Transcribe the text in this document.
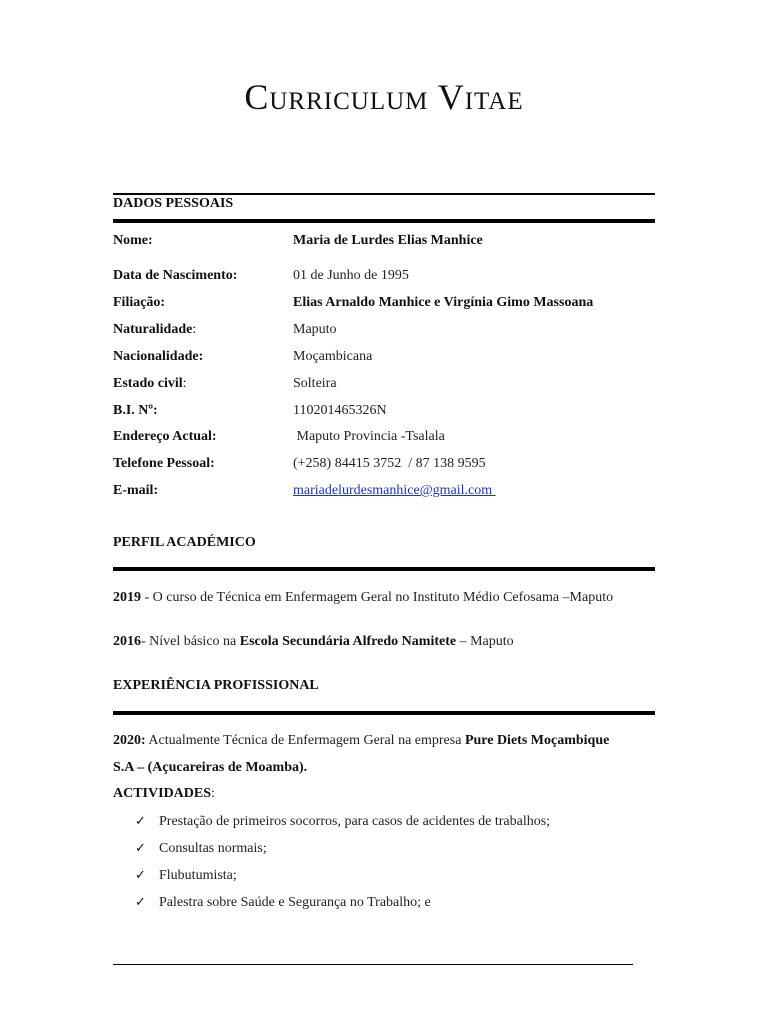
Curriculum Vitae
DADOS PESSOAIS
Nome:	Maria de Lurdes Elias Manhice
Data de Nascimento:	01 de Junho de 1995
Filiação:	Elias Arnaldo Manhice e Virgínia Gimo Massoana
Naturalidade:	Maputo
Nacionalidade:	Moçambicana
Estado civil:	Solteira
B.I. Nº:	110201465326N
Endereço Actual:	Maputo Provincia -Tsalala
Telefone Pessoal:	(+258) 84415 3752  / 87 138 9595
E-mail:	mariadelurdesmanhice@gmail.com
PERFIL ACADÉMICO
2019 - O curso de Técnica em Enfermagem Geral no Instituto Médio Cefosama –Maputo
2016- Nível básico na Escola Secundária Alfredo Namitete – Maputo
EXPERIÊNCIA PROFISSIONAL
2020: Actualmente Técnica de Enfermagem Geral na empresa Pure Diets Moçambique
S.A – (Açucareiras de Moamba).
ACTIVIDADES:
✓ Prestação de primeiros socorros, para casos de acidentes de trabalhos;
✓ Consultas normais;
✓ Flubutumista;
✓ Palestra sobre Saúde e Segurança no Trabalho; e
